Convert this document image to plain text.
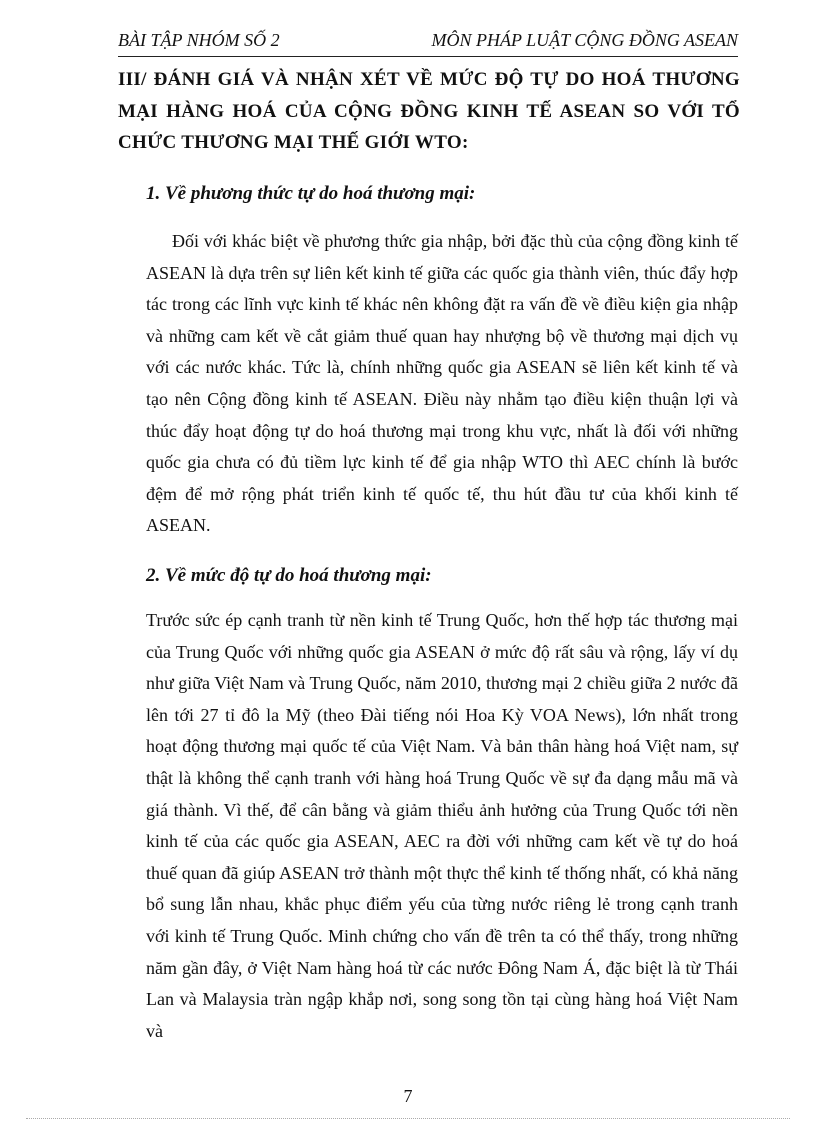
BÀI TẬP NHÓM SỐ 2	MÔN PHÁP LUẬT CỘNG ĐỒNG ASEAN
III/ ĐÁNH GIÁ VÀ NHẬN XÉT VỀ MỨC ĐỘ TỰ DO HOÁ THƯƠNG MẠI HÀNG HOÁ CỦA CỘNG ĐỒNG KINH TẾ ASEAN SO VỚI TỔ CHỨC THƯƠNG MẠI THẾ GIỚI WTO:
1. Về phương thức tự do hoá thương mại:
Đối với khác biệt về phương thức gia nhập, bởi đặc thù của cộng đồng kinh tế ASEAN là dựa trên sự liên kết kinh tế giữa các quốc gia thành viên, thúc đẩy hợp tác trong các lĩnh vực kinh tế khác nên không đặt ra vấn đề về điều kiện gia nhập và những cam kết về cắt giảm thuế quan hay nhượng bộ về thương mại dịch vụ với các nước khác. Tức là, chính những quốc gia ASEAN sẽ liên kết kinh tế và tạo nên Cộng đồng kinh tế ASEAN. Điều này nhằm tạo điều kiện thuận lợi và thúc đẩy hoạt động tự do hoá thương mại trong khu vực, nhất là đối với những quốc gia chưa có đủ tiềm lực kinh tế để gia nhập WTO thì AEC chính là bước đệm để mở rộng phát triển kinh tế quốc tế, thu hút đầu tư của khối kinh tế ASEAN.
2. Về mức độ tự do hoá thương mại:
Trước sức ép cạnh tranh từ nền kinh tế Trung Quốc, hơn thế hợp tác thương mại của Trung Quốc với những quốc gia ASEAN ở mức độ rất sâu và rộng, lấy ví dụ như giữa Việt Nam và Trung Quốc, năm 2010, thương mại 2 chiều giữa 2 nước đã lên tới 27 tỉ đô la Mỹ (theo Đài tiếng nói Hoa Kỳ VOA News), lớn nhất trong hoạt động thương mại quốc tế của Việt Nam. Và bản thân hàng hoá Việt nam, sự thật là không thể cạnh tranh với hàng hoá Trung Quốc về sự đa dạng mẫu mã và giá thành. Vì thế, để cân bằng và giảm thiểu ảnh hưởng của Trung Quốc tới nền kinh tế của các quốc gia ASEAN, AEC ra đời với những cam kết về tự do hoá thuế quan đã giúp ASEAN trở thành một thực thể kinh tế thống nhất, có khả năng bổ sung lẫn nhau, khắc phục điểm yếu của từng nước riêng lẻ trong cạnh tranh với kinh tế Trung Quốc. Minh chứng cho vấn đề trên ta có thể thấy, trong những năm gần đây, ở Việt Nam hàng hoá từ các nước Đông Nam Á, đặc biệt là từ Thái Lan và Malaysia tràn ngập khắp nơi, song song tồn tại cùng hàng hoá Việt Nam và
7
